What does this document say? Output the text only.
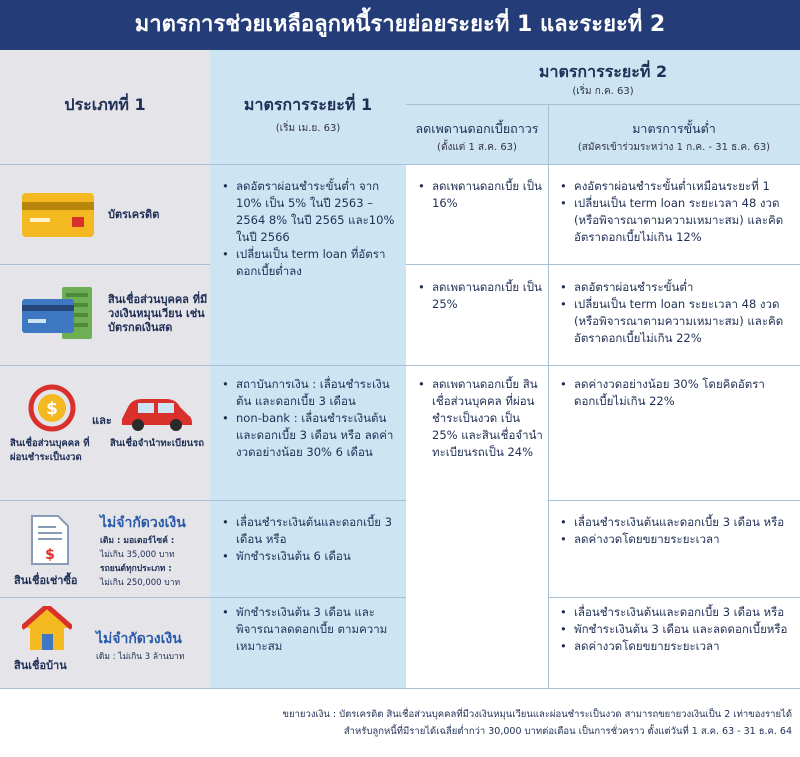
มาตรการช่วยเหลือลูกหนี้รายย่อยระยะที่ 1 และระยะที่ 2
ประเภทที่ 1	มาตรการระยะที่ 1
(เริ่ม เม.ย. 63)
มาตรการระยะที่ 2
(เริ่ม ก.ค. 63)
ลดเพดานดอกเบี้ยถาวร
(ตั้งแต่ 1 ส.ค. 63)
มาตรการขั้นต่ำ
(สมัครเข้าร่วมระหว่าง 1 ก.ค. - 31 ธ.ค. 63)
บัตรเครดิต
• ลดอัตราผ่อนชำระขั้นต่ำ จาก 10% เป็น 5% ในปี 2563 – 2564 8% ในปี 2565 และ10% ในปี 2566
• เปลี่ยนเป็น term loan ที่อัตราดอกเบี้ยต่ำลง
• ลดเพดานดอกเบี้ย เป็น 16%
• คงอัตราผ่อนชำระขั้นต่ำเหมือนระยะที่ 1
• เปลี่ยนเป็น term loan ระยะเวลา 48 งวด (หรือพิจารณาตามความเหมาะสม) และคิดอัตราดอกเบี้ยไม่เกิน 12%
สินเชื่อส่วนบุคคล ที่มีวงเงินหมุนเวียน เช่น บัตรกดเงินสด
• ลดเพดานดอกเบี้ย เป็น 25%
• ลดอัตราผ่อนชำระขั้นต่ำ
• เปลี่ยนเป็น term loan ระยะเวลา 48 งวด (หรือพิจารณาตามความเหมาะสม) และคิดอัตราดอกเบี้ยไม่เกิน 22%
$
และ
สินเชื่อส่วนบุคคล ที่ผ่อนชำระเป็นงวด
สินเชื่อจำนำทะเบียนรถ
• สถาบันการเงิน : เลื่อนชำระเงินต้น และดอกเบี้ย 3 เดือน
• non-bank : เลื่อนชำระเงินต้น และดอกเบี้ย 3 เดือน หรือ ลดค่างวดอย่างน้อย 30% 6 เดือน
• ลดเพดานดอกเบี้ย สินเชื่อส่วนบุคคล ที่ผ่อนชำระเป็นงวด เป็น 25% และสินเชื่อจำนำ ทะเบียนรถเป็น 24%
• ลดค่างวดอย่างน้อย 30% โดยคิดอัตราดอกเบี้ยไม่เกิน 22%
$
สินเชื่อเช่าซื้อ
ไม่จำกัดวงเงิน
เดิม : มอเตอร์ไซค์ :
ไม่เกิน 35,000 บาท
รถยนต์ทุกประเภท :
ไม่เกิน 250,000 บาท
• เลื่อนชำระเงินต้นและดอกเบี้ย 3 เดือน หรือ
• พักชำระเงินต้น 6 เดือน
• เลื่อนชำระเงินต้นและดอกเบี้ย 3 เดือน หรือ
• ลดค่างวดโดยขยายระยะเวลา
สินเชื่อบ้าน
ไม่จำกัดวงเงิน
เดิม : ไม่เกิน 3 ล้านบาท
• พักชำระเงินต้น 3 เดือน และพิจารณาลดดอกเบี้ย ตามความเหมาะสม
• เลื่อนชำระเงินต้นและดอกเบี้ย 3 เดือน หรือ
• พักชำระเงินต้น 3 เดือน และลดดอกเบี้ยหรือ
• ลดค่างวดโดยขยายระยะเวลา
ขยายวงเงิน : บัตรเครดิต สินเชื่อส่วนบุคคลที่มีวงเงินหมุนเวียนและผ่อนชำระเป็นงวด สามารถขยายวงเงินเป็น 2 เท่าของรายได้
สำหรับลูกหนี้ที่มีรายได้เฉลี่ยต่ำกว่า 30,000 บาทต่อเดือน เป็นการชั่วคราว ตั้งแต่วันที่ 1 ส.ค. 63 - 31 ธ.ค. 64
